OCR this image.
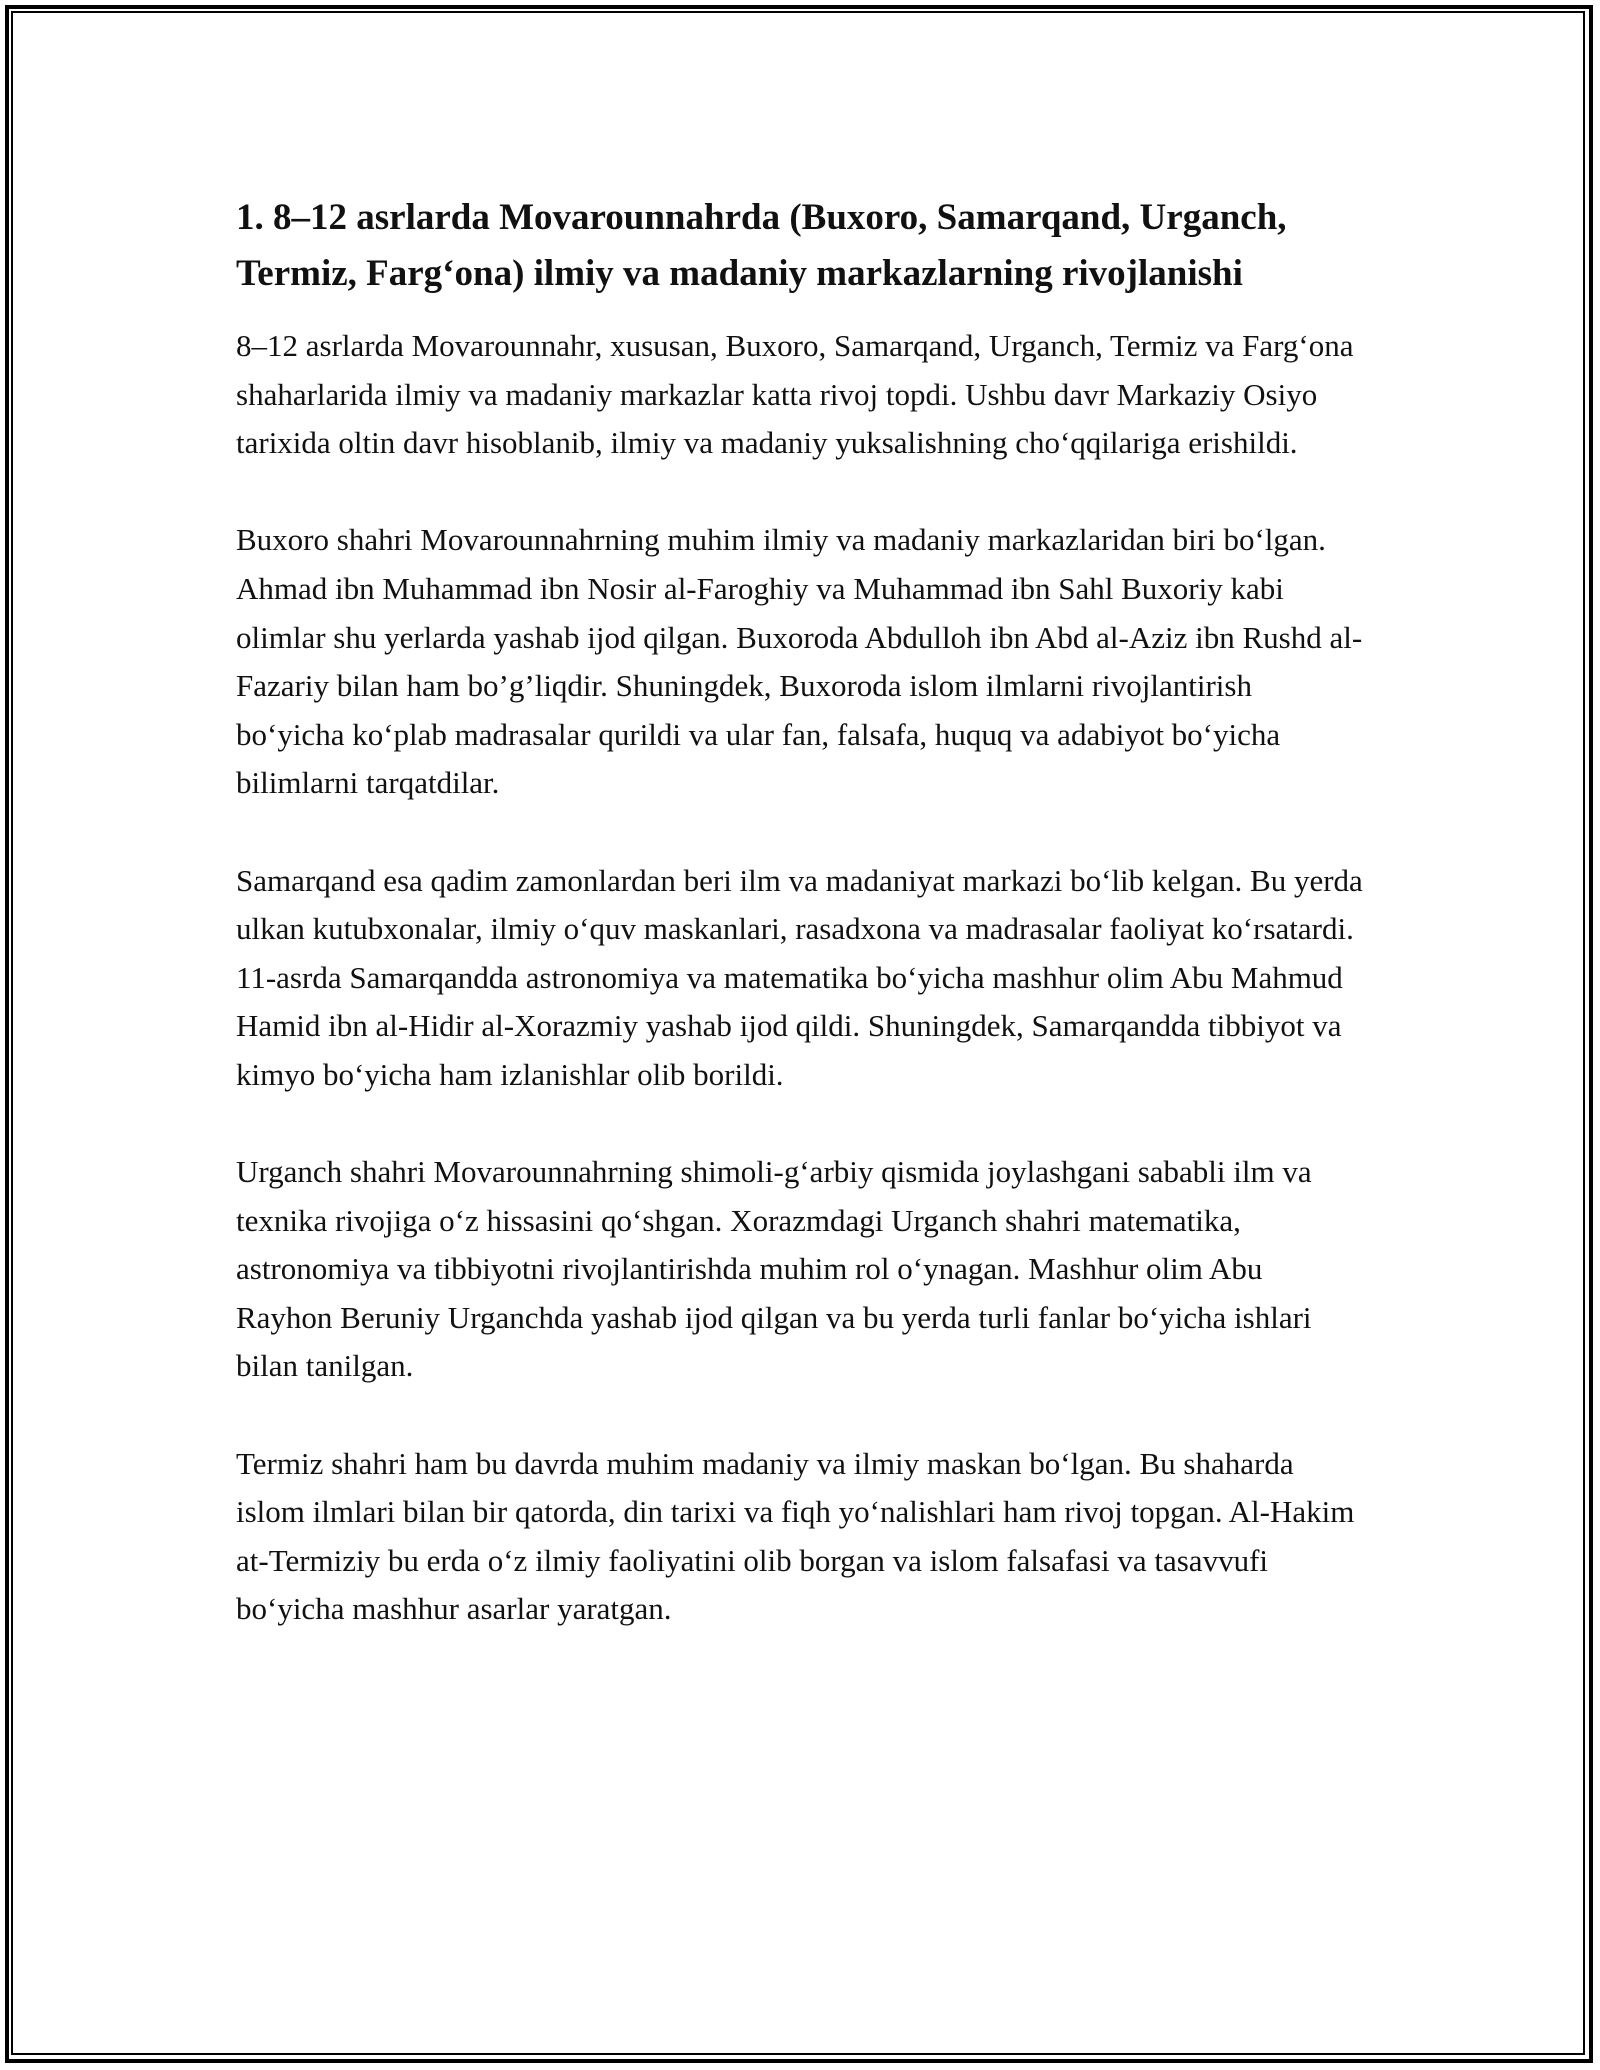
1. 8–12 asrlarda Movarounnahrda (Buxoro, Samarqand, Urganch, Termiz, Farg‘ona) ilmiy va madaniy markazlarning rivojlanishi

8–12 asrlarda Movarounnahr, xususan, Buxoro, Samarqand, Urganch, Termiz va Farg‘ona shaharlarida ilmiy va madaniy markazlar katta rivoj topdi. Ushbu davr Markaziy Osiyo tarixida oltin davr hisoblanib, ilmiy va madaniy yuksalishning cho‘qqilariga erishildi.

Buxoro shahri Movarounnahrning muhim ilmiy va madaniy markazlaridan biri bo‘lgan. Ahmad ibn Muhammad ibn Nosir al-Faroghiy va Muhammad ibn Sahl Buxoriy kabi olimlar shu yerlarda yashab ijod qilgan. Buxoroda Abdulloh ibn Abd al-Aziz ibn Rushd al-Fazariy bilan ham bo’g’liqdir. Shuningdek, Buxoroda islom ilmlarni rivojlantirish bo‘yicha ko‘plab madrasalar qurildi va ular fan, falsafa, huquq va adabiyot bo‘yicha bilimlarni tarqatdilar.

Samarqand esa qadim zamonlardan beri ilm va madaniyat markazi bo‘lib kelgan. Bu yerda ulkan kutubxonalar, ilmiy o‘quv maskanlari, rasadxona va madrasalar faoliyat ko‘rsatardi. 11-asrda Samarqandda astronomiya va matematika bo‘yicha mashhur olim Abu Mahmud Hamid ibn al-Hidir al-Xorazmiy yashab ijod qildi. Shuningdek, Samarqandda tibbiyot va kimyo bo‘yicha ham izlanishlar olib borildi.

Urganch shahri Movarounnahrning shimoli-g‘arbiy qismida joylashgani sababli ilm va texnika rivojiga o‘z hissasini qo‘shgan. Xorazmdagi Urganch shahri matematika, astronomiya va tibbiyotni rivojlantirishda muhim rol o‘ynagan. Mashhur olim Abu Rayhon Beruniy Urganchda yashab ijod qilgan va bu yerda turli fanlar bo‘yicha ishlari bilan tanilgan.

Termiz shahri ham bu davrda muhim madaniy va ilmiy maskan bo‘lgan. Bu shaharda islom ilmlari bilan bir qatorda, din tarixi va fiqh yo‘nalishlari ham rivoj topgan. Al-Hakim at-Termiziy bu erda o‘z ilmiy faoliyatini olib borgan va islom falsafasi va tasavvufi bo‘yicha mashhur asarlar yaratgan.
